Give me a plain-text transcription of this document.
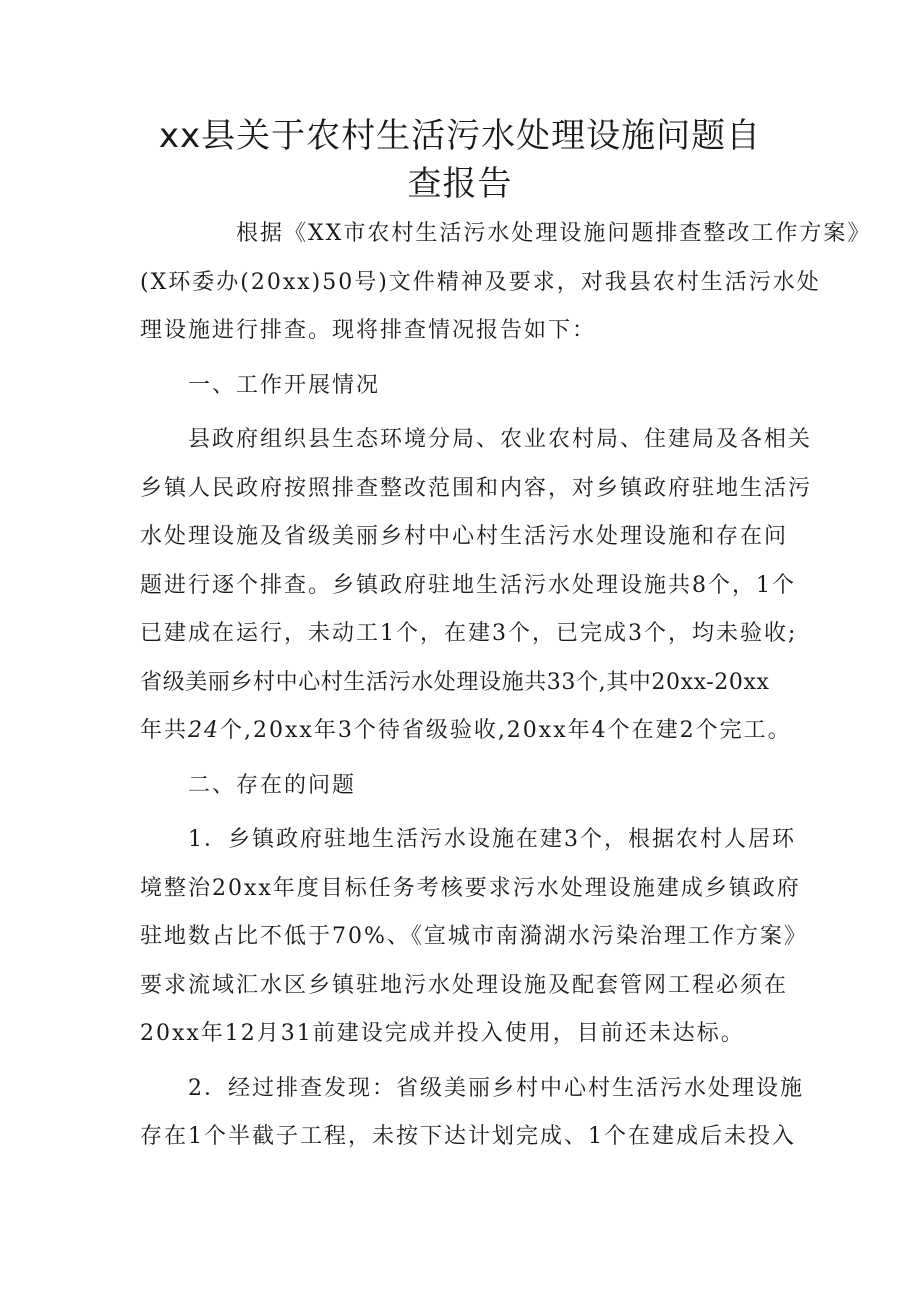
xx县关于农村生活污水处理设施问题自
查报告
根据《XX市农村生活污水处理设施问题排查整改工作方案》
(X环委办(20xx)50号)文件精神及要求，对我县农村生活污水处
理设施进行排查。现将排查情况报告如下：
一、工作开展情况
县政府组织县生态环境分局、农业农村局、住建局及各相关
乡镇人民政府按照排查整改范围和内容，对乡镇政府驻地生活污
水处理设施及省级美丽乡村中心村生活污水处理设施和存在问
题进行逐个排查。乡镇政府驻地生活污水处理设施共8个，1个
已建成在运行，未动工1个，在建3个，已完成3个，均未验收;
省级美丽乡村中心村生活污水处理设施共33个,其中20xx-20xx
年共24个,20xx年3个待省级验收,20xx年4个在建2个完工。
二、存在的问题
1．乡镇政府驻地生活污水设施在建3个，根据农村人居环
境整治20xx年度目标任务考核要求污水处理设施建成乡镇政府
驻地数占比不低于70%、《宣城市南漪湖水污染治理工作方案》
要求流域汇水区乡镇驻地污水处理设施及配套管网工程必须在
20xx年12月31前建设完成并投入使用，目前还未达标。
2．经过排查发现：省级美丽乡村中心村生活污水处理设施
存在1个半截子工程，未按下达计划完成、1个在建成后未投入
